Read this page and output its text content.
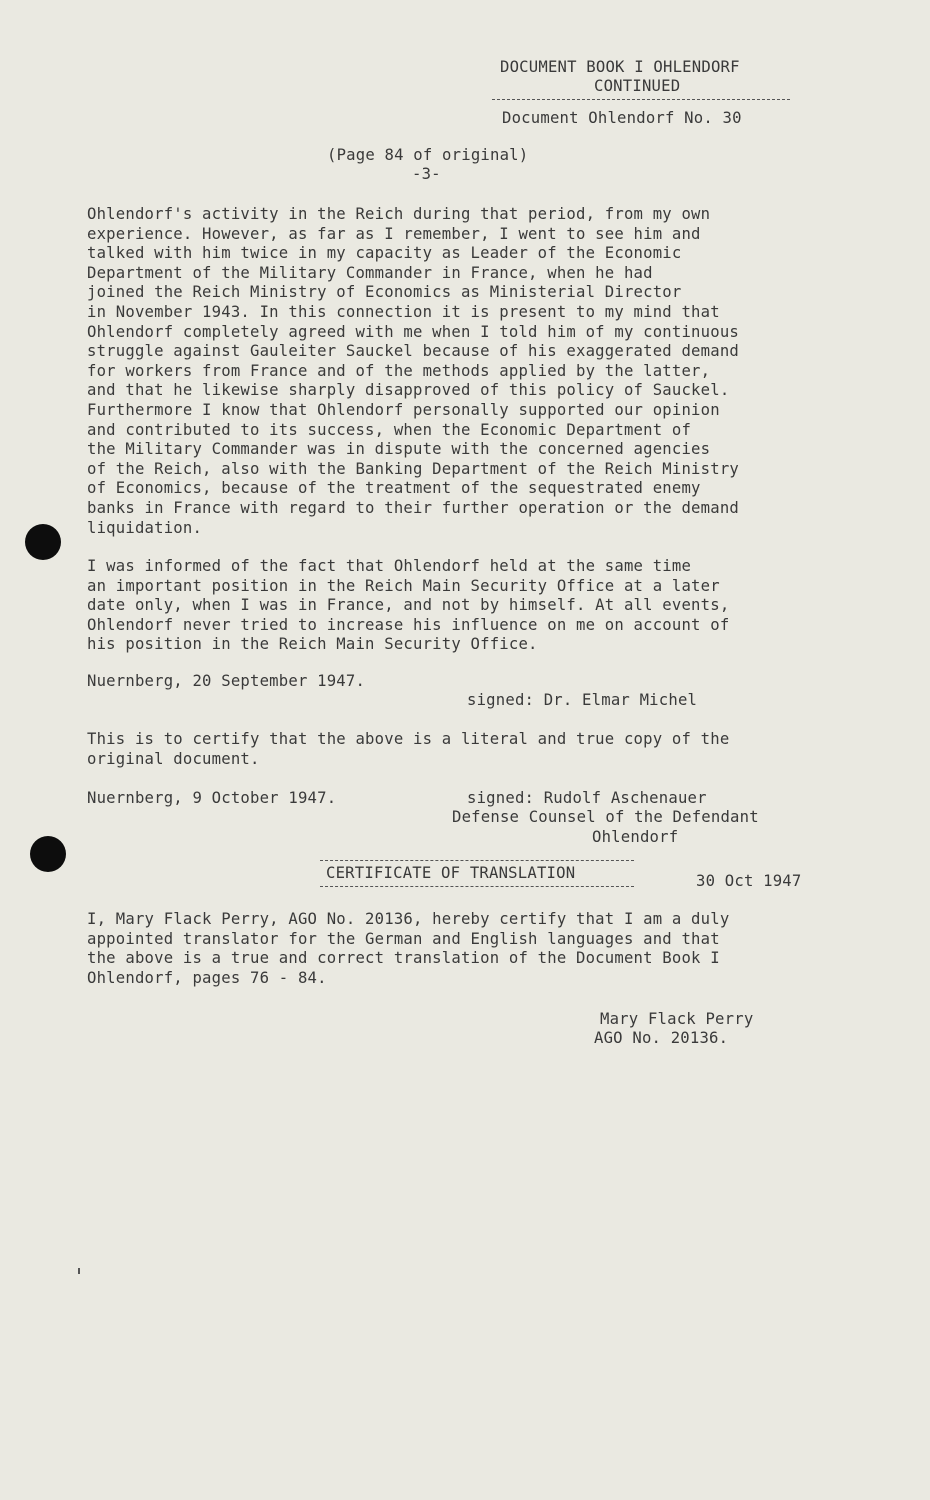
DOCUMENT BOOK I OHLENDORF
CONTINUED
Document Ohlendorf No. 30
(Page 84 of original)
-3-
Ohlendorf's activity in the Reich during that period, from my own
experience. However, as far as I remember, I went to see him and
talked with him twice in my capacity as Leader of the Economic
Department of the Military Commander in France, when he had
joined the Reich Ministry of Economics as Ministerial Director
in November 1943. In this connection it is present to my mind that
Ohlendorf completely agreed with me when I told him of my continuous
struggle against Gauleiter Sauckel because of his exaggerated demand
for workers from France and of the methods applied by the latter,
and that he likewise sharply disapproved of this policy of Sauckel.
Furthermore I know that Ohlendorf personally supported our opinion
and contributed to its success, when the Economic Department of
the Military Commander was in dispute with the concerned agencies
of the Reich, also with the Banking Department of the Reich Ministry
of Economics, because of the treatment of the sequestrated enemy
banks in France with regard to their further operation or the demand
liquidation.
I was informed of the fact that Ohlendorf held at the same time
an important position in the Reich Main Security Office at a later
date only, when I was in France, and not by himself. At all events,
Ohlendorf never tried to increase his influence on me on account of
his position in the Reich Main Security Office.
Nuernberg, 20 September 1947.
signed: Dr. Elmar Michel
This is to certify that the above is a literal and true copy of the
original document.
Nuernberg, 9 October 1947.	signed: Rudolf Aschenauer
Defense Counsel of the Defendant
Ohlendorf
CERTIFICATE OF TRANSLATION	30 Oct 1947
I, Mary Flack Perry, AGO No. 20136, hereby certify that I am a duly
appointed translator for the German and English languages and that
the above is a true and correct translation of the Document Book I
Ohlendorf, pages 76 - 84.
Mary Flack Perry
AGO No. 20136.
